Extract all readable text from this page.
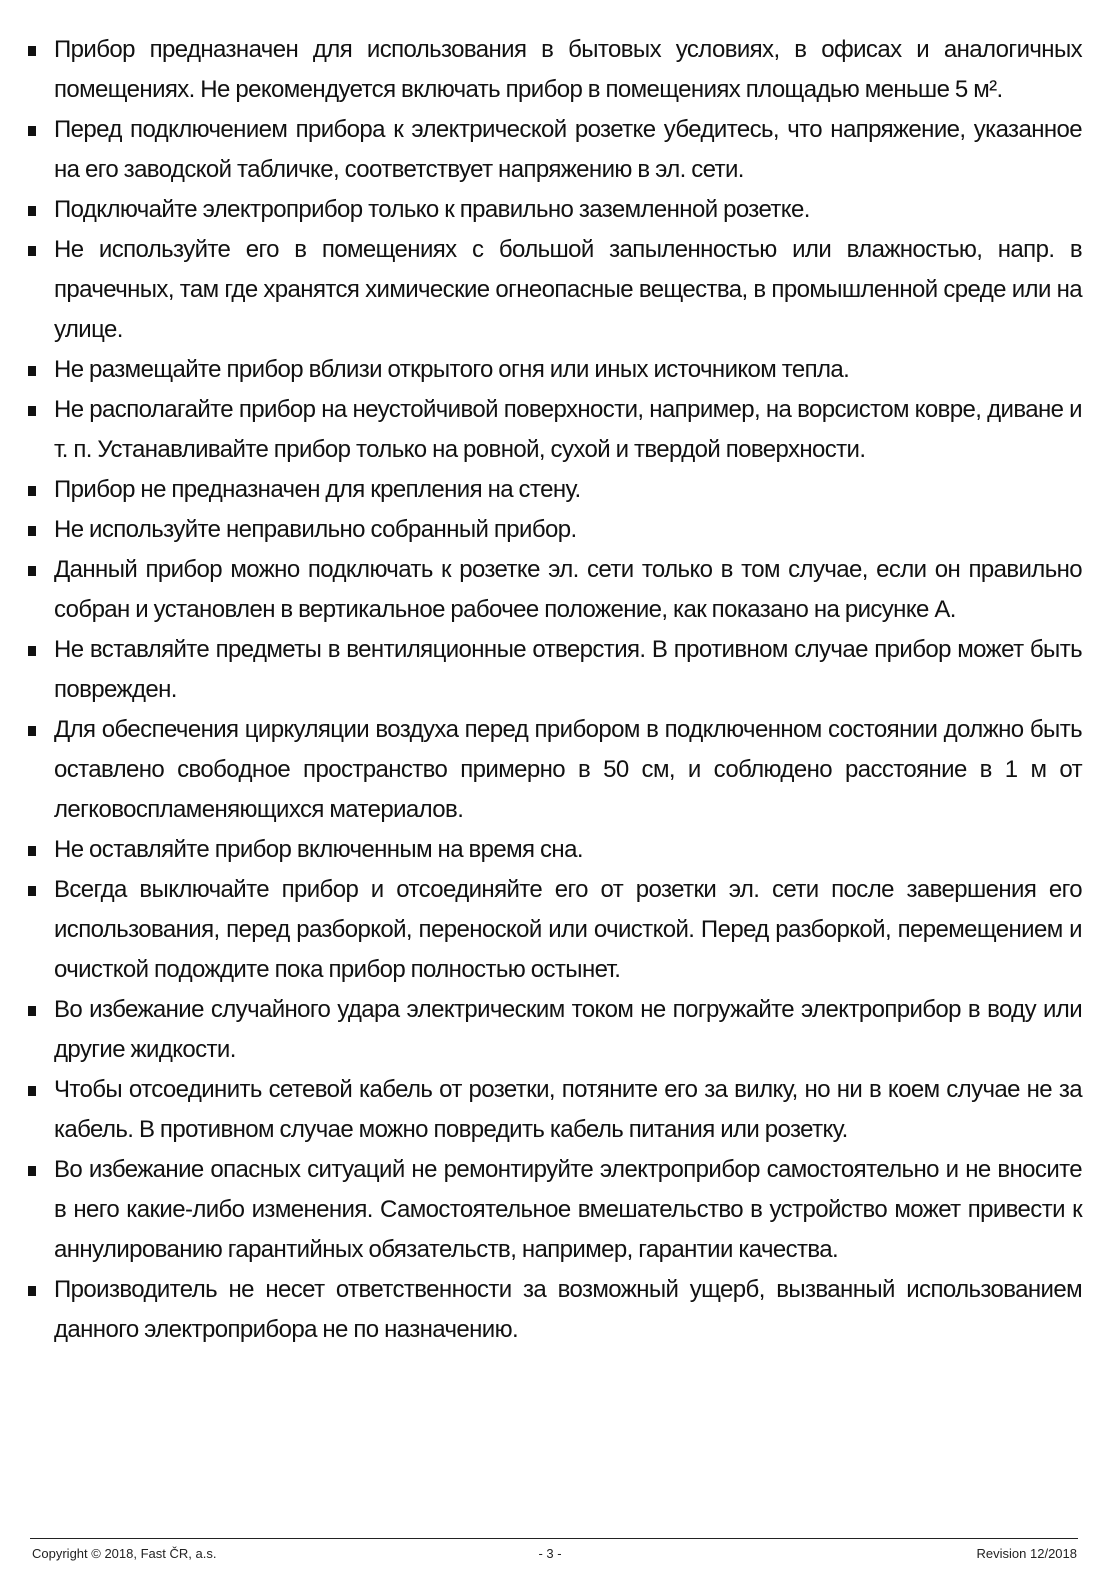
Прибор предназначен для использования в бытовых условиях, в офисах и аналогичных помещениях. Не рекомендуется включать прибор в помещениях площадью меньше 5 м².
Перед подключением прибора к электрической розетке убедитесь, что напряжение, указанное на его заводской табличке, соответствует напряжению в эл. сети.
Подключайте электроприбор только к правильно заземленной розетке.
Не используйте его в помещениях с большой запыленностью или влажностью, напр. в прачечных, там где хранятся химические огнеопасные вещества, в промышленной среде или на улице.
Не размещайте прибор вблизи открытого огня или иных источником тепла.
Не располагайте прибор на неустойчивой поверхности, например, на ворсистом ковре, диване и т. п. Устанавливайте прибор только на ровной, сухой и твердой поверхности.
Прибор не предназначен для крепления на стену.
Не используйте неправильно собранный прибор.
Данный прибор можно подключать к розетке эл. сети только в том случае, если он правильно собран и установлен в вертикальное рабочее положение, как показано на рисунке А.
Не вставляйте предметы в вентиляционные отверстия. В противном случае прибор может быть поврежден.
Для обеспечения циркуляции воздуха перед прибором в подключенном состоянии должно быть оставлено свободное пространство примерно в 50 см, и соблюдено расстояние в 1 м от легковоспламеняющихся материалов.
Не оставляйте прибор включенным на время сна.
Всегда выключайте прибор и отсоединяйте его от розетки эл. сети после завершения его использования, перед разборкой, переноской или очисткой. Перед разборкой, перемещением и очисткой подождите пока прибор полностью остынет.
Во избежание случайного удара электрическим током не погружайте электроприбор в воду или другие жидкости.
Чтобы отсоединить сетевой кабель от розетки, потяните его за вилку, но ни в коем случае не за кабель. В противном случае можно повредить кабель питания или розетку.
Во избежание опасных ситуаций не ремонтируйте электроприбор самостоятельно и не вносите в него какие-либо изменения. Самостоятельное вмешательство в устройство может привести к аннулированию гарантийных обязательств, например, гарантии качества.
Производитель не несет ответственности за возможный ущерб, вызванный использованием данного электроприбора не по назначению.
Copyright © 2018, Fast ČR, a.s.	- 3 -	Revision 12/2018
